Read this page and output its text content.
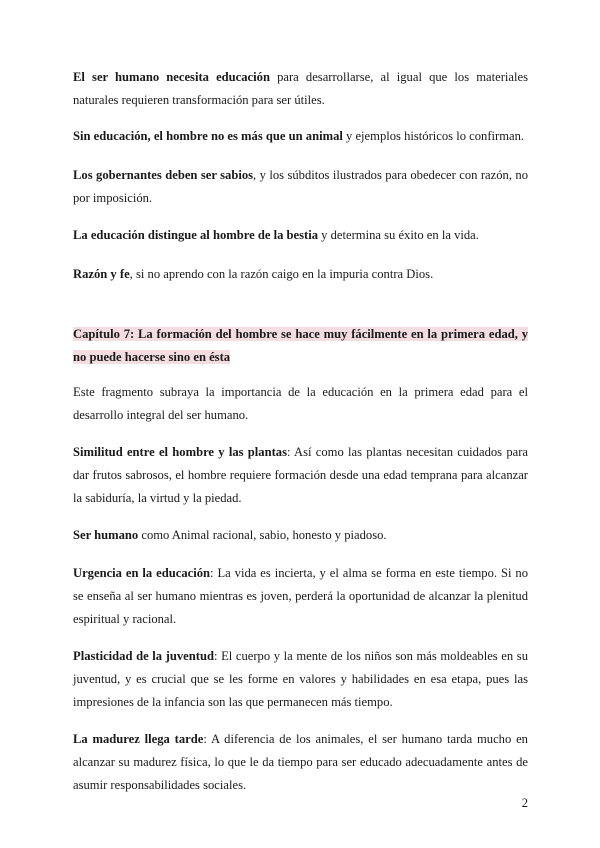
El ser humano necesita educación para desarrollarse, al igual que los materiales naturales requieren transformación para ser útiles.

Sin educación, el hombre no es más que un animal y ejemplos históricos lo confirman.

Los gobernantes deben ser sabios, y los súbditos ilustrados para obedecer con razón, no por imposición.

La educación distingue al hombre de la bestia y determina su éxito en la vida.

Razón y fe, si no aprendo con la razón caigo en la impuria contra Dios.

Capítulo 7: La formación del hombre se hace muy fácilmente en la primera edad, y no puede hacerse sino en ésta

Este fragmento subraya la importancia de la educación en la primera edad para el desarrollo integral del ser humano.

Similitud entre el hombre y las plantas: Así como las plantas necesitan cuidados para dar frutos sabrosos, el hombre requiere formación desde una edad temprana para alcanzar la sabiduría, la virtud y la piedad.

Ser humano como Animal racional, sabio, honesto y piadoso.

Urgencia en la educación: La vida es incierta, y el alma se forma en este tiempo. Si no se enseña al ser humano mientras es joven, perderá la oportunidad de alcanzar la plenitud espiritual y racional.

Plasticidad de la juventud: El cuerpo y la mente de los niños son más moldeables en su juventud, y es crucial que se les forme en valores y habilidades en esa etapa, pues las impresiones de la infancia son las que permanecen más tiempo.

La madurez llega tarde: A diferencia de los animales, el ser humano tarda mucho en alcanzar su madurez física, lo que le da tiempo para ser educado adecuadamente antes de asumir responsabilidades sociales.

2
